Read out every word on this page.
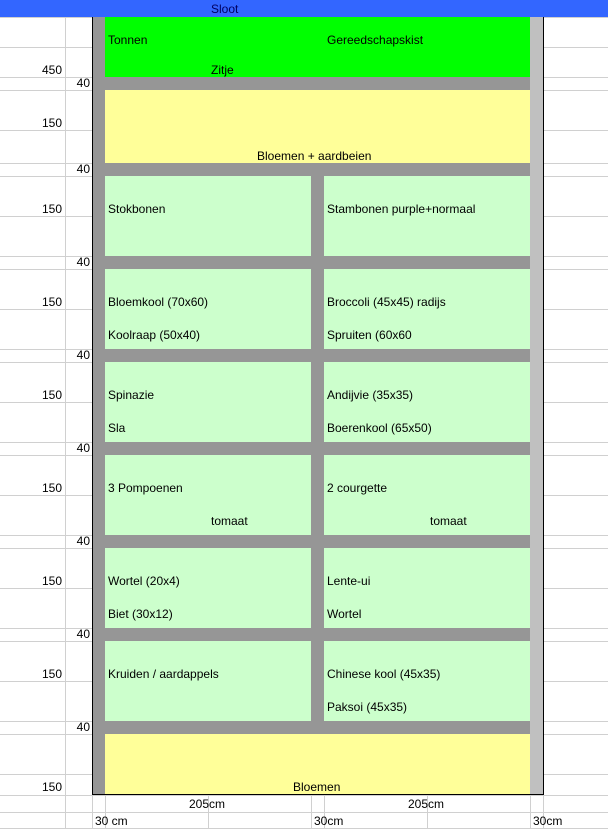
Sloot
Tonnen	Gereedschapskist
Zitje
450
Bloemen + aardbeien
150
40
40
40
40
40
40
40
40
150	Stokbonen	Stambonen purple+normaal
150	Bloemkool (70x60)	Broccoli (45x45) radijs
Koolraap (50x40)	Spruiten (60x60
150	Spinazie	Andijvie (35x35)
Sla	Boerenkool (65x50)
150	3 Pompoenen	2 courgette
tomaat	tomaat
150	Wortel (20x4)	Lente-ui
Biet (30x12)	Wortel
150	Kruiden / aardappels	Chinese kool (45x35)
Paksoi (45x35)
Bloemen
150
205cm	205cm
30 cm	30cm	30cm
